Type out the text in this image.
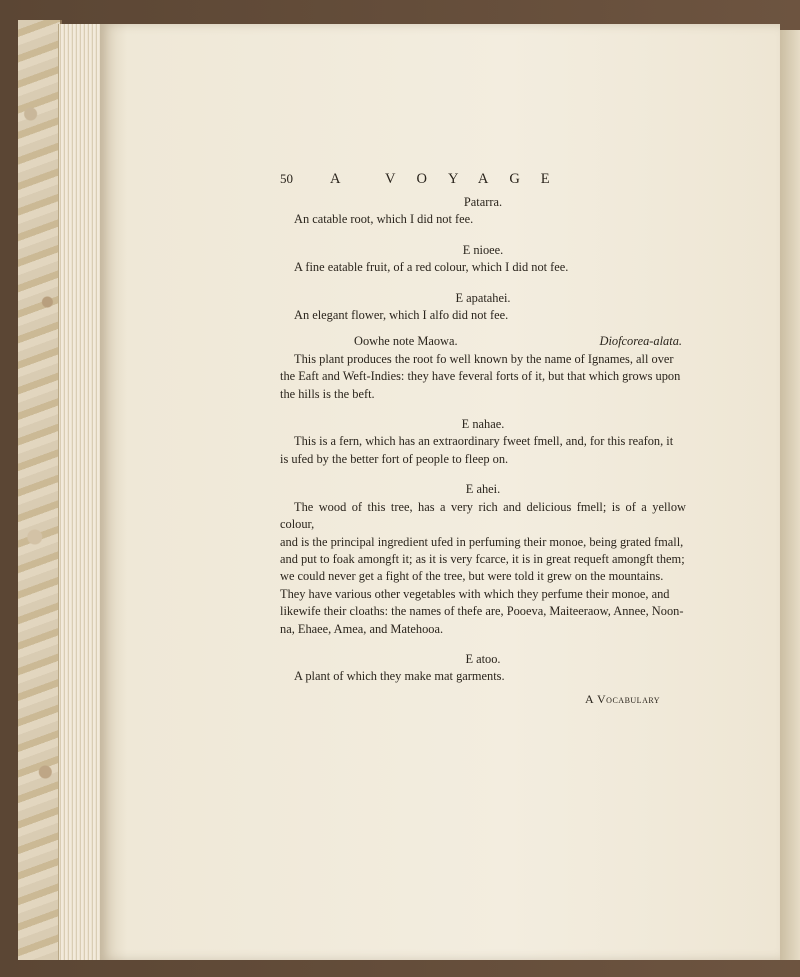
50	A VOYAGE
Patarra.

An catable root, which I did not fee.

E nioee.

A fine eatable fruit, of a red colour, which I did not fee.

E apatahei.

An elegant flower, which I alfo did not fee.

Oowhe note Maowa.	Diofcorea-alata.

This plant produces the root fo well known by the name of Ignames, all over

the Eaft and Weft-Indies: they have feveral forts of it, but that which grows upon

the hills is the beft.

E nahae.

This is a fern, which has an extraordinary fweet fmell, and, for this reafon, it

is ufed by the better fort of people to fleep on.

E ahei.

The wood of this tree, has a very rich and delicious fmell; is of a yellow colour,

and is the principal ingredient ufed in perfuming their monoe, being grated fmall,

and put to foak amongft it; as it is very fcarce, it is in great requeft amongft them;

we could never get a fight of the tree, but were told it grew on the mountains.

They have various other vegetables with which they perfume their monoe, and

likewife their cloaths: the names of thefe are, Pooeva, Maiteeraow, Annee, Noon-

na, Ehaee, Amea, and Matehooa.

E atoo.

A plant of which they make mat garments.

A Vocabulary
